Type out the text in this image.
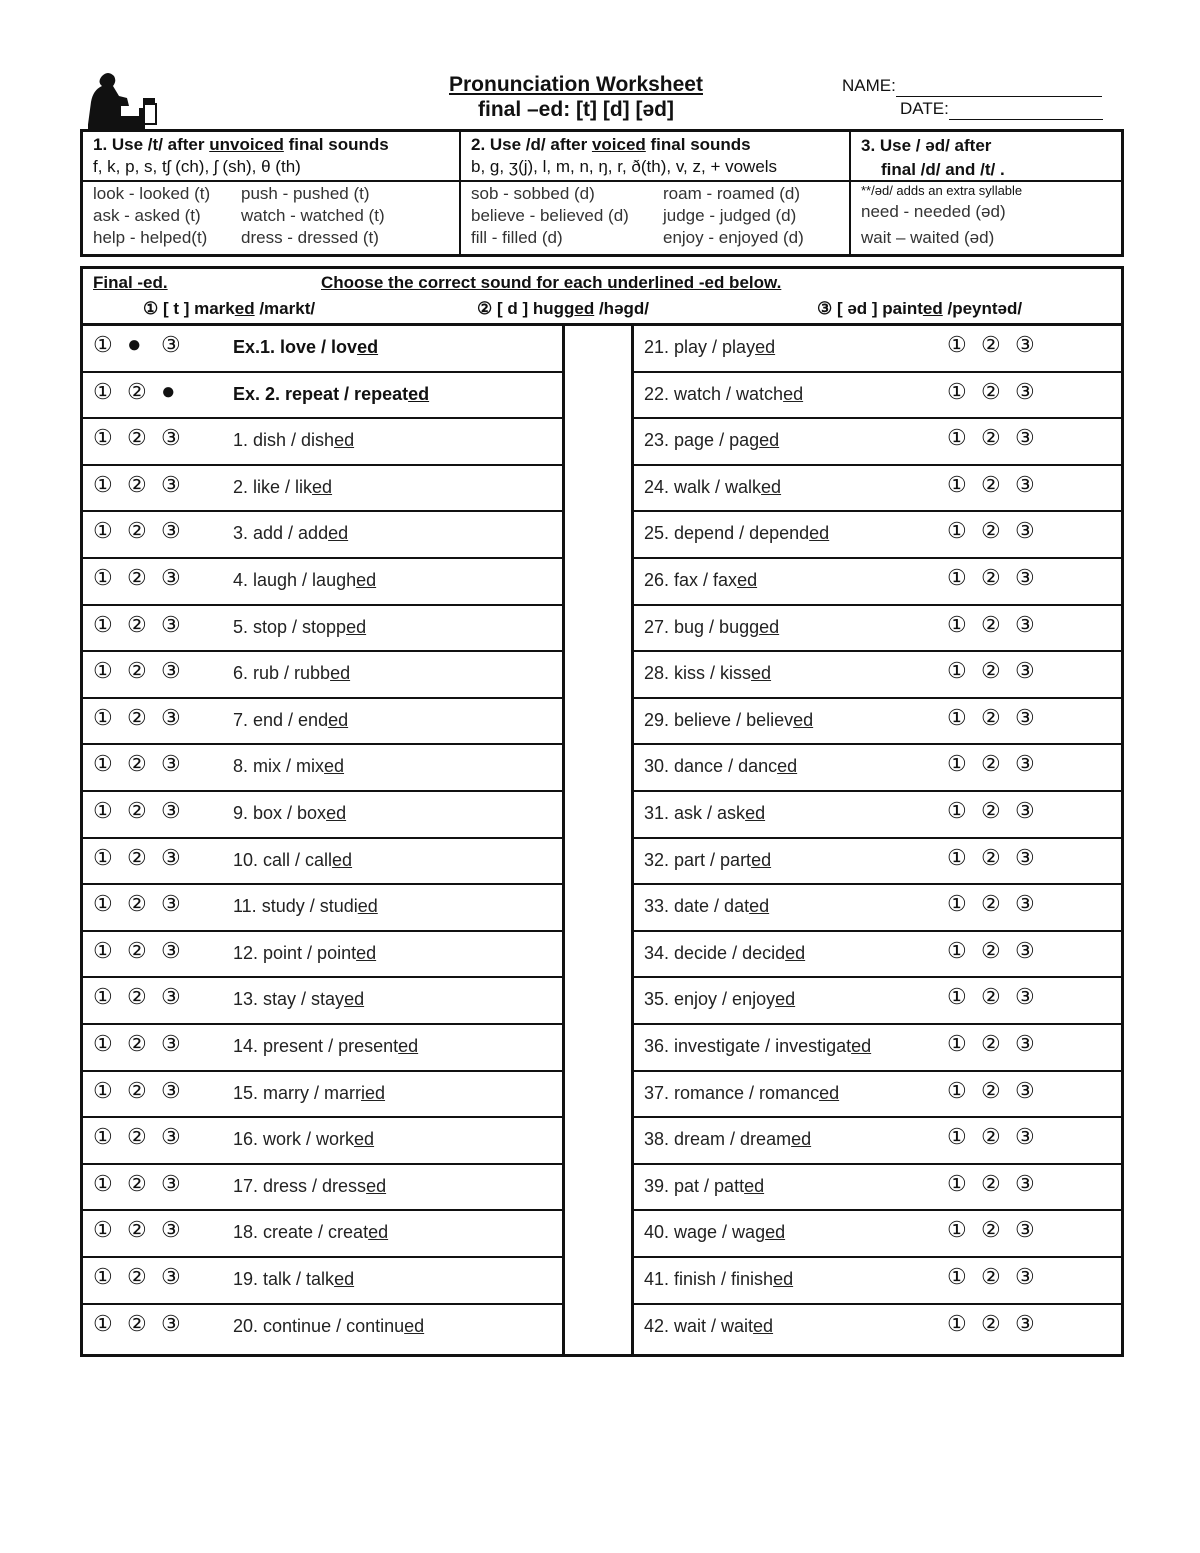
Pronunciation Worksheet
final –ed: [t] [d] [əd]
NAME:
DATE:
1. Use /t/ after unvoiced final sounds
f, k, p, s, tʃ (ch), ʃ (sh), θ (th)
look - looked (t) push - pushed (t)
ask - asked (t) watch - watched (t)
help - helped(t) dress - dressed (t)
2. Use /d/ after voiced final sounds
b, g, ʒ(j), l, m, n, ŋ, r, ð(th), v, z, + vowels
sob - sobbed (d)	roam - roamed (d)
believe - believed (d) judge - judged (d)
fill - filled (d)	enjoy - enjoyed (d)
3. Use / əd/ after
final /d/ and /t/ .
**/əd/ adds an extra syllable
need - needed (əd)
wait – waited (əd)
Final -ed.	Choose the correct sound for each underlined -ed below.
① [ t ] marked /markt/	② [ d ] hugged /həgd/	③ [ əd ] painted /peyntəd/
① ● ③	Ex.1. love / loved
① ② ●	Ex. 2. repeat / repeated
① ② ③	1. dish / dished
① ② ③	2. like / liked
① ② ③	3. add / added
① ② ③	4. laugh / laughed
① ② ③	5. stop / stopped
① ② ③	6. rub / rubbed
① ② ③	7. end / ended
① ② ③	8. mix / mixed
① ② ③	9. box / boxed
① ② ③	10. call / called
① ② ③	11. study / studied
① ② ③	12. point / pointed
① ② ③	13. stay / stayed
① ② ③	14. present / presented
① ② ③	15. marry / married
① ② ③	16. work / worked
① ② ③	17. dress / dressed
① ② ③	18. create / created
① ② ③	19. talk / talked
① ② ③	20. continue / continued
21. play / played	① ② ③
22. watch / watched	① ② ③
23. page / paged	① ② ③
24. walk / walked	① ② ③
25. depend / depended	① ② ③
26. fax / faxed	① ② ③
27. bug / bugged	① ② ③
28. kiss / kissed	① ② ③
29. believe / believed	① ② ③
30. dance / danced	① ② ③
31. ask / asked	① ② ③
32. part / parted	① ② ③
33. date / dated	① ② ③
34. decide / decided	① ② ③
35. enjoy / enjoyed	① ② ③
36. investigate / investigated	① ② ③
37. romance / romanced	① ② ③
38. dream / dreamed	① ② ③
39. pat / patted	① ② ③
40. wage / waged	① ② ③
41. finish / finished	① ② ③
42. wait / waited	① ② ③
